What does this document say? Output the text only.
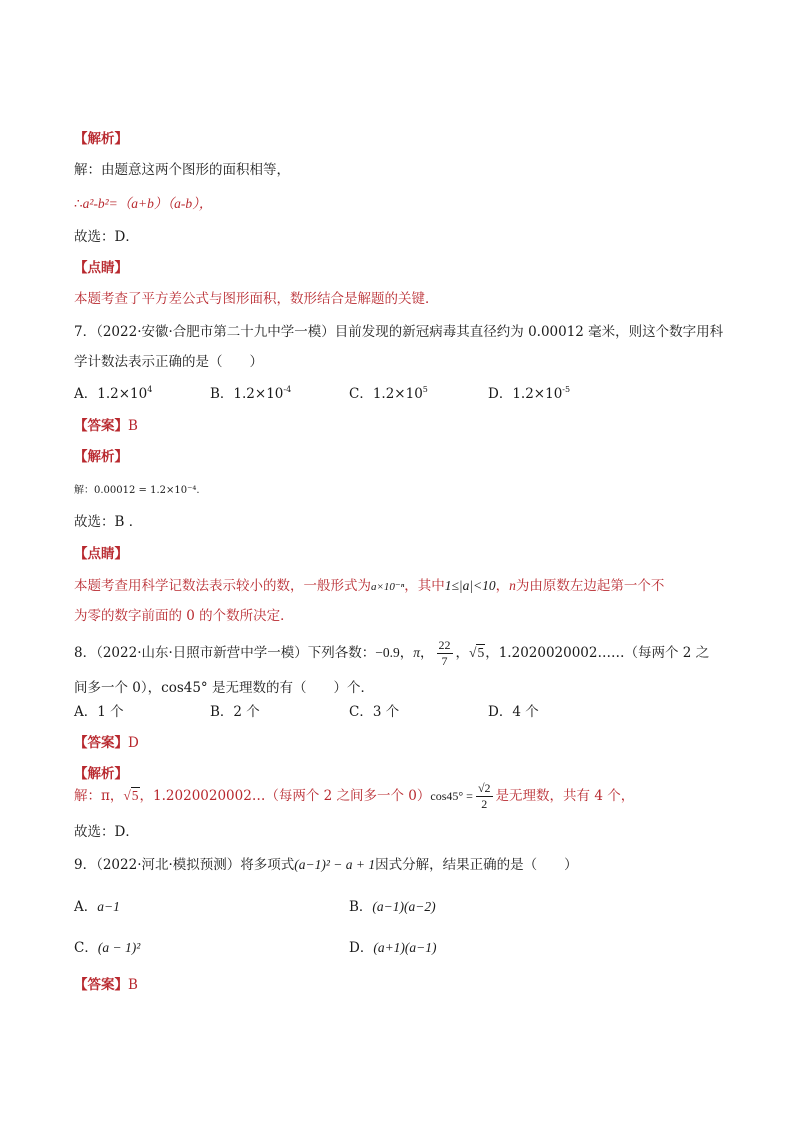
【解析】
解：由题意这两个图形的面积相等，
∴a²-b²=（a+b）（a-b），
故选：D．
【点睛】
本题考查了平方差公式与图形面积，数形结合是解题的关键．
7．（2022·安徽·合肥市第二十九中学一模）目前发现的新冠病毒其直径约为 0.00012 毫米，则这个数字用科
学计数法表示正确的是（　　）
A．$1.2\times 10^4$	B．$1.2\times 10^{-4}$	C．$1.2\times 10^5$	D．$1.2\times 10^{-5}$
【答案】B
【解析】
解：0.00012 = 1.2×10⁻⁴.
故选：B ．
【点睛】
本题考查用科学记数法表示较小的数，一般形式为a×10⁻ⁿ，其中1≤|a|<10，n为由原数左边起第一个不
为零的数字前面的 0 的个数所决定．
8．（2022·山东·日照市新营中学一模）下列各数：−0.9，π， $\frac{22}{7}$ ，√5，1.2020020002……（每两个 2 之
间多一个 0），cos45° 是无理数的有（　　）个．
A．1 个	B．2 个	C．3 个	D．4 个
【答案】D
【解析】
解：π，√5，1.2020020002…（每两个 2 之间多一个 $0)\cos 45^\circ = \frac{√2}{2}$ 是无理数，共有 4 个，
故选：D．
9．（2022·河北·模拟预测）将多项式(a−1)² − a + 1因式分解，结果正确的是（　　）
A．a−1	B．(a−1)(a−2)
C．(a − 1)²	D．(a+1)(a−1)
【答案】B
